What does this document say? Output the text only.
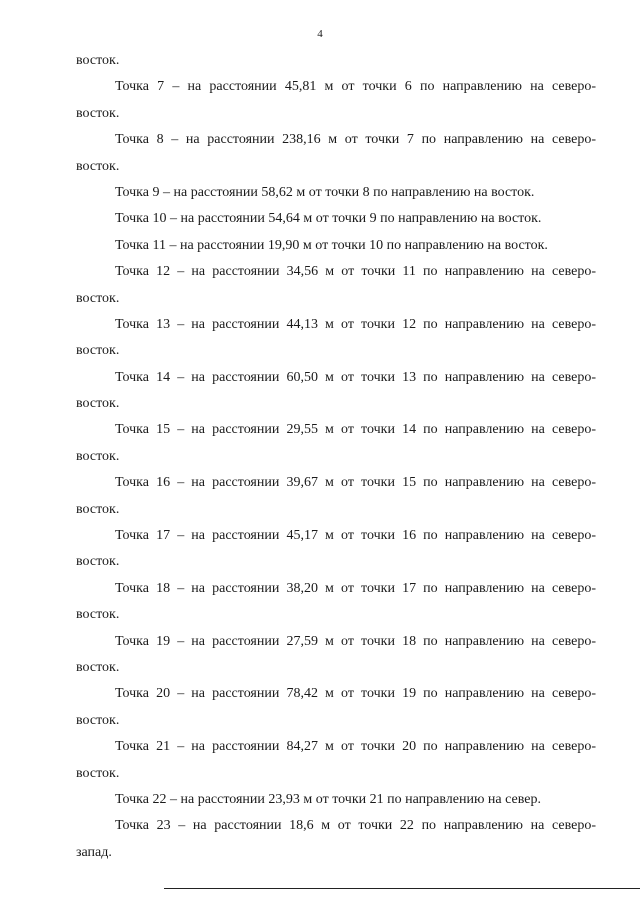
4
восток.
Точка 7 – на расстоянии 45,81 м от точки 6 по направлению на северо-
восток.
Точка 8 – на расстоянии 238,16 м от точки 7 по направлению на северо-
восток.
Точка 9 – на расстоянии 58,62 м от точки 8 по направлению на восток.
Точка 10 – на расстоянии 54,64 м от точки 9 по направлению на восток.
Точка 11 – на расстоянии 19,90 м от точки 10 по направлению на восток.
Точка 12 – на расстоянии 34,56 м от точки 11 по направлению на северо-
восток.
Точка 13 – на расстоянии 44,13 м от точки 12 по направлению на северо-
восток.
Точка 14 – на расстоянии 60,50 м от точки 13 по направлению на северо-
восток.
Точка 15 – на расстоянии 29,55 м от точки 14 по направлению на северо-
восток.
Точка 16 – на расстоянии 39,67 м от точки 15 по направлению на северо-
восток.
Точка 17 – на расстоянии 45,17 м от точки 16 по направлению на северо-
восток.
Точка 18 – на расстоянии 38,20 м от точки 17 по направлению на северо-
восток.
Точка 19 – на расстоянии 27,59 м от точки 18 по направлению на северо-
восток.
Точка 20 – на расстоянии 78,42 м от точки 19 по направлению на северо-
восток.
Точка 21 – на расстоянии 84,27 м от точки 20 по направлению на северо-
восток.
Точка 22 – на расстоянии 23,93 м от точки 21 по направлению на север.
Точка 23 – на расстоянии 18,6 м от точки 22 по направлению на северо-
запад.
